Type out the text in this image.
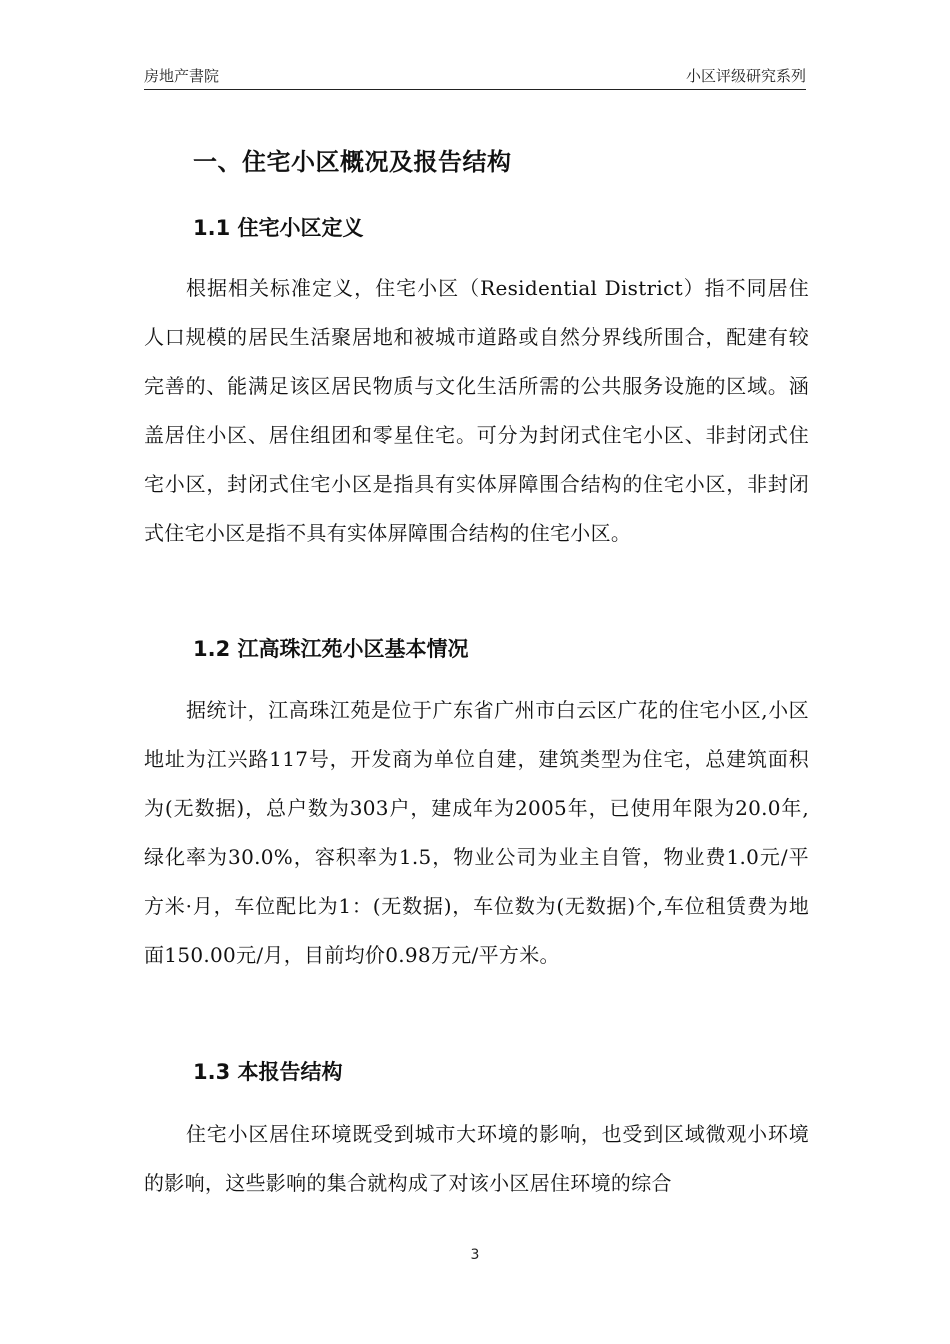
房地产書院	小区评级研究系列
一、住宅小区概况及报告结构
1.1 住宅小区定义

根据相关标准定义，住宅小区（Residential District）指不同居住人口规模的居民生活聚居地和被城市道路或自然分界线所围合，配建有较完善的、能满足该区居民物质与文化生活所需的公共服务设施的区域。涵盖居住小区、居住组团和零星住宅。可分为封闭式住宅小区、非封闭式住宅小区，封闭式住宅小区是指具有实体屏障围合结构的住宅小区，非封闭式住宅小区是指不具有实体屏障围合结构的住宅小区。

1.2 江高珠江苑小区基本情况

据统计，江高珠江苑是位于广东省广州市白云区广花的住宅小区,小区地址为江兴路117号，开发商为单位自建，建筑类型为住宅，总建筑面积为(无数据)，总户数为303户，建成年为2005年，已使用年限为20.0年,绿化率为30.0%，容积率为1.5，物业公司为业主自管，物业费1.0元/平方米·月，车位配比为1：(无数据)，车位数为(无数据)个,车位租赁费为地面150.00元/月，目前均价0.98万元/平方米。

1.3 本报告结构

住宅小区居住环境既受到城市大环境的影响，也受到区域微观小环境的影响，这些影响的集合就构成了对该小区居住环境的综合

3
